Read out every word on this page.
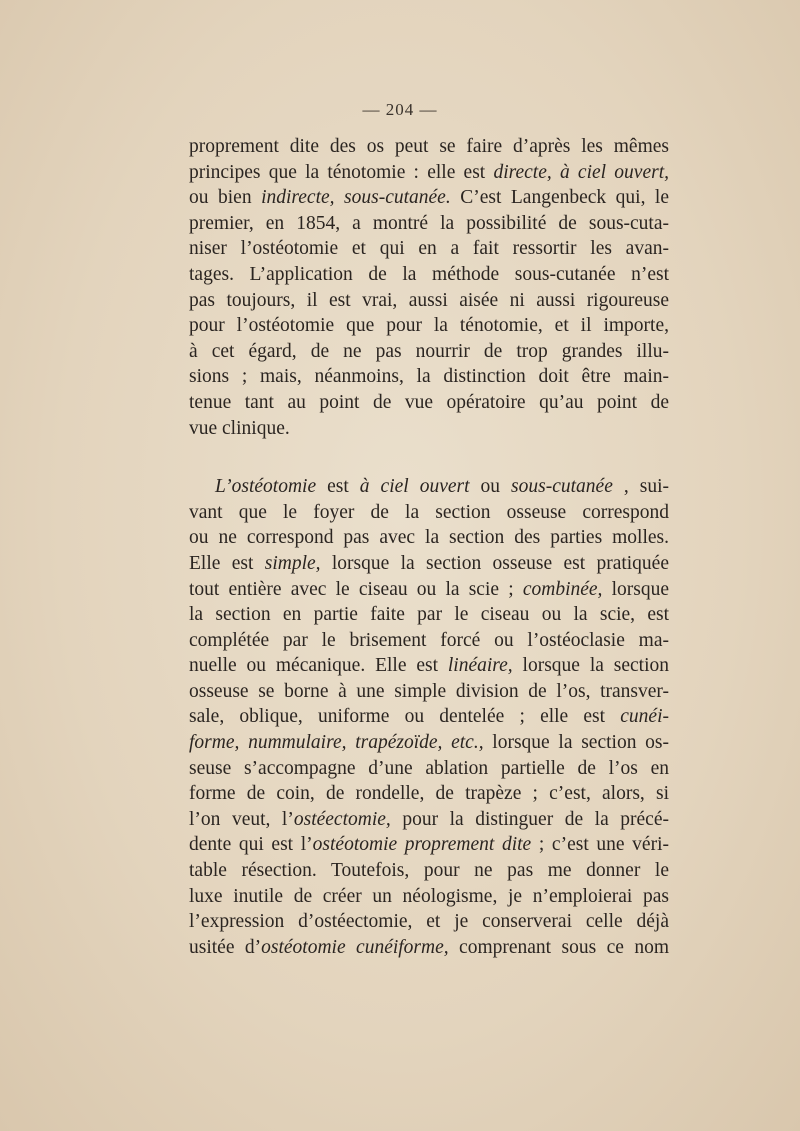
— 204 —
proprement dite des os peut se faire d’après les mêmes
principes que la ténotomie : elle est directe, à ciel ouvert,
ou bien indirecte, sous-cutanée. C’est Langenbeck qui, le
premier, en 1854, a montré la possibilité de sous-cuta-
niser l’ostéotomie et qui en a fait ressortir les avan-
tages. L’application de la méthode sous-cutanée n’est
pas toujours, il est vrai, aussi aisée ni aussi rigoureuse
pour l’ostéotomie que pour la ténotomie, et il importe,
à cet égard, de ne pas nourrir de trop grandes illu-
sions ; mais, néanmoins, la distinction doit être main-
tenue tant au point de vue opératoire qu’au point de
vue clinique.
L’ostéotomie est à ciel ouvert ou sous-cutanée , sui-
vant que le foyer de la section osseuse correspond
ou ne correspond pas avec la section des parties molles.
Elle est simple, lorsque la section osseuse est pratiquée
tout entière avec le ciseau ou la scie ; combinée, lorsque
la section en partie faite par le ciseau ou la scie, est
complétée par le brisement forcé ou l’ostéoclasie ma-
nuelle ou mécanique. Elle est linéaire, lorsque la section
osseuse se borne à une simple division de l’os, transver-
sale, oblique, uniforme ou dentelée ; elle est cunéi-
forme, nummulaire, trapézoïde, etc., lorsque la section os-
seuse s’accompagne d’une ablation partielle de l’os en
forme de coin, de rondelle, de trapèze ; c’est, alors, si
l’on veut, l’ostéectomie, pour la distinguer de la précé-
dente qui est l’ostéotomie proprement dite ; c’est une véri-
table résection. Toutefois, pour ne pas me donner le
luxe inutile de créer un néologisme, je n’emploierai pas
l’expression d’ostéectomie, et je conserverai celle déjà
usitée d’ostéotomie cunéiforme, comprenant sous ce nom
